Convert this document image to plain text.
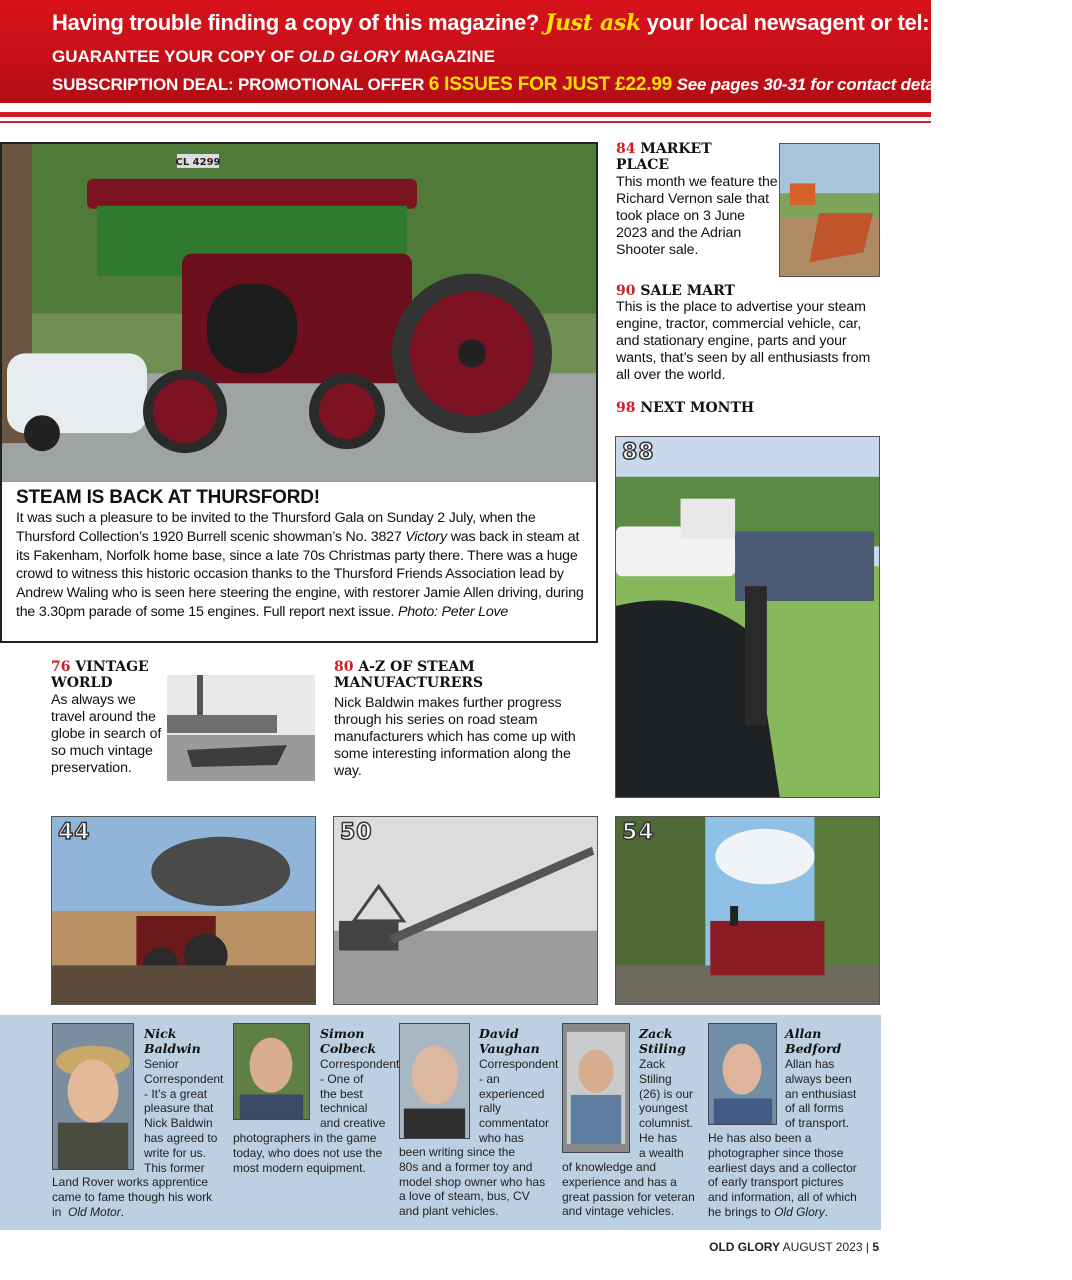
Having trouble finding a copy of this magazine? Just ask your local newsagent or tel: 01959 541444
GUARANTEE YOUR COPY OF OLD GLORY MAGAZINE
SUBSCRIPTION DEAL: PROMOTIONAL OFFER 6 ISSUES FOR JUST £22.99 See pages 30-31 for contact details
CL 4299
STEAM IS BACK AT THURSFORD!

It was such a pleasure to be invited to the Thursford Gala on Sunday 2 July, when the Thursford Collection’s 1920 Burrell scenic showman’s No. 3827 Victory was back in steam at its Fakenham, Norfolk home base, since a late 70s Christmas party there. There was a huge crowd to witness this historic occasion thanks to the Thursford Friends Association lead by Andrew Waling who is seen here steering the engine, with restorer Jamie Allen driving, during the 3.30pm parade of some 15 engines. Full report next issue. Photo: Peter Love

84 MARKET
PLACE
This month we feature the Richard Vernon sale that took place on 3 June 2023 and the Adrian Shooter sale.
90 SALE MART
This is the place to advertise your steam engine, tractor, commercial vehicle, car, and stationary engine, parts and your wants, that’s seen by all enthusiasts from all over the world.
98 NEXT MONTH
88
76 VINTAGE
WORLD
As always we travel around the globe in search of so much vintage preservation.
80 A-Z OF STEAM
MANUFACTURERS
Nick Baldwin makes further progress through his series on road steam manufacturers which has come up with some interesting information along the way.
44	50	54
Nick
Baldwin
Senior
Correspondent
- It’s a great
pleasure that
Nick Baldwin
has agreed to
write for us.
This former
Land Rover works apprentice
came to fame though his work
in Old Motor.
Simon
Colbeck
Correspondent
- One of
the best
technical
and creative
photographers in the game
today, who does not use the
most modern equipment.
David
Vaughan
Correspondent
- an
experienced
rally
commentator
who has
been writing since the
80s and a former toy and
model shop owner who has
a love of steam, bus, CV
and plant vehicles.
Zack
Stiling
Zack
Stiling
(26) is our
youngest
columnist.
He has
a wealth
of knowledge and
experience and has a
great passion for veteran
and vintage vehicles.
Allan
Bedford
Allan has
always been
an enthusiast
of all forms
of transport.
He has also been a
photographer since those
earliest days and a collector
of early transport pictures
and information, all of which
he brings to Old Glory.
OLD GLORY AUGUST 2023 | 5
